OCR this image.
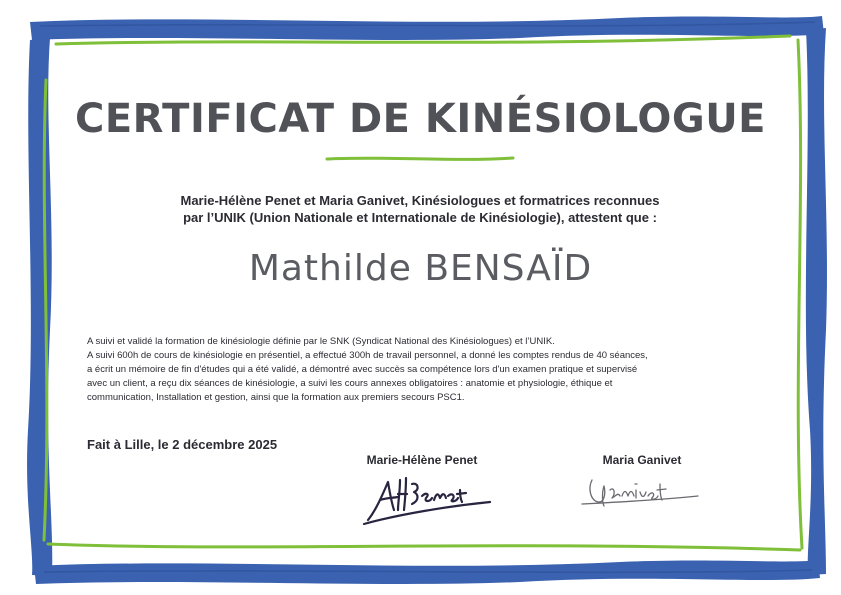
CERTIFICAT DE KINÉSIOLOGUE
Marie-Hélène Penet et Maria Ganivet, Kinésiologues et formatrices reconnues
par l’UNIK (Union Nationale et Internationale de Kinésiologie), attestent que :
Mathilde BENSAÏD
A suivi et validé la formation de kinésiologie définie par le SNK (Syndicat National des Kinésiologues) et l’UNIK.
A suivi 600h de cours de kinésiologie en présentiel, a effectué 300h de travail personnel, a donné les comptes rendus de 40 séances,
a écrit un mémoire de fin d'études qui a été validé, a démontré avec succès sa compétence lors d'un examen pratique et supervisé
avec un client, a reçu dix séances de kinésiologie, a suivi les cours annexes obligatoires : anatomie et physiologie, éthique et
communication, Installation et gestion, ainsi que la formation aux premiers secours PSC1.
Fait à Lille, le 2 décembre 2025
Marie-Hélène Penet	Maria Ganivet
